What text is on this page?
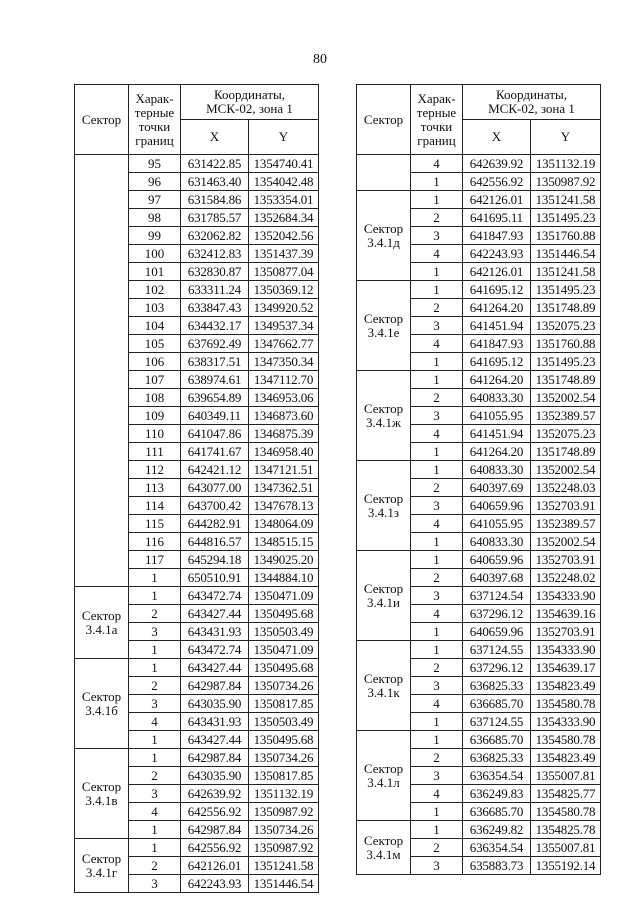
80
Сектор	Харак-
терные
точки
границ	Координаты,
МСК-02, зона 1	
		X	Y
	95	631422.85	1354740.41
	96	631463.40	1354042.48
	97	631584.86	1353354.01
	98	631785.57	1352684.34
	99	632062.82	1352042.56
	100	632412.83	1351437.39
	101	632830.87	1350877.04
	102	633311.24	1350369.12
	103	633847.43	1349920.52
	104	634432.17	1349537.34
	105	637692.49	1347662.77
	106	638317.51	1347350.34
	107	638974.61	1347112.70
	108	639654.89	1346953.06
	109	640349.11	1346873.60
	110	641047.86	1346875.39
	111	641741.67	1346958.40
	112	642421.12	1347121.51
	113	643077.00	1347362.51
	114	643700.42	1347678.13
	115	644282.91	1348064.09
	116	644816.57	1348515.15
	117	645294.18	1349025.20
	1	650510.91	1344884.10
Сектор
3.4.1а	1	643472.74	1350471.09
	2	643427.44	1350495.68
	3	643431.93	1350503.49
	1	643472.74	1350471.09
Сектор
3.4.1б	1	643427.44	1350495.68
	2	642987.84	1350734.26
	3	643035.90	1350817.85
	4	643431.93	1350503.49
	1	643427.44	1350495.68
Сектор
3.4.1в	1	642987.84	1350734.26
	2	643035.90	1350817.85
	3	642639.92	1351132.19
	4	642556.92	1350987.92
	1	642987.84	1350734.26
Сектор
3.4.1г	1	642556.92	1350987.92
	2	642126.01	1351241.58
	3	642243.93	1351446.54
Сектор	Харак-
терные
точки
границ	Координаты,
МСК-02, зона 1	
		X	Y
	4	642639.92	1351132.19
	1	642556.92	1350987.92
Сектор
3.4.1д	1	642126.01	1351241.58
	2	641695.11	1351495.23
	3	641847.93	1351760.88
	4	642243.93	1351446.54
	1	642126.01	1351241.58
Сектор
3.4.1е	1	641695.12	1351495.23
	2	641264.20	1351748.89
	3	641451.94	1352075.23
	4	641847.93	1351760.88
	1	641695.12	1351495.23
Сектор
3.4.1ж	1	641264.20	1351748.89
	2	640833.30	1352002.54
	3	641055.95	1352389.57
	4	641451.94	1352075.23
	1	641264.20	1351748.89
Сектор
3.4.1з	1	640833.30	1352002.54
	2	640397.69	1352248.03
	3	640659.96	1352703.91
	4	641055.95	1352389.57
	1	640833.30	1352002.54
Сектор
3.4.1и	1	640659.96	1352703.91
	2	640397.68	1352248.02
	3	637124.54	1354333.90
	4	637296.12	1354639.16
	1	640659.96	1352703.91
Сектор
3.4.1к	1	637124.55	1354333.90
	2	637296.12	1354639.17
	3	636825.33	1354823.49
	4	636685.70	1354580.78
	1	637124.55	1354333.90
Сектор
3.4.1л	1	636685.70	1354580.78
	2	636825.33	1354823.49
	3	636354.54	1355007.81
	4	636249.83	1354825.77
	1	636685.70	1354580.78
Сектор
3.4.1м	1	636249.82	1354825.78
	2	636354.54	1355007.81
	3	635883.73	1355192.14
